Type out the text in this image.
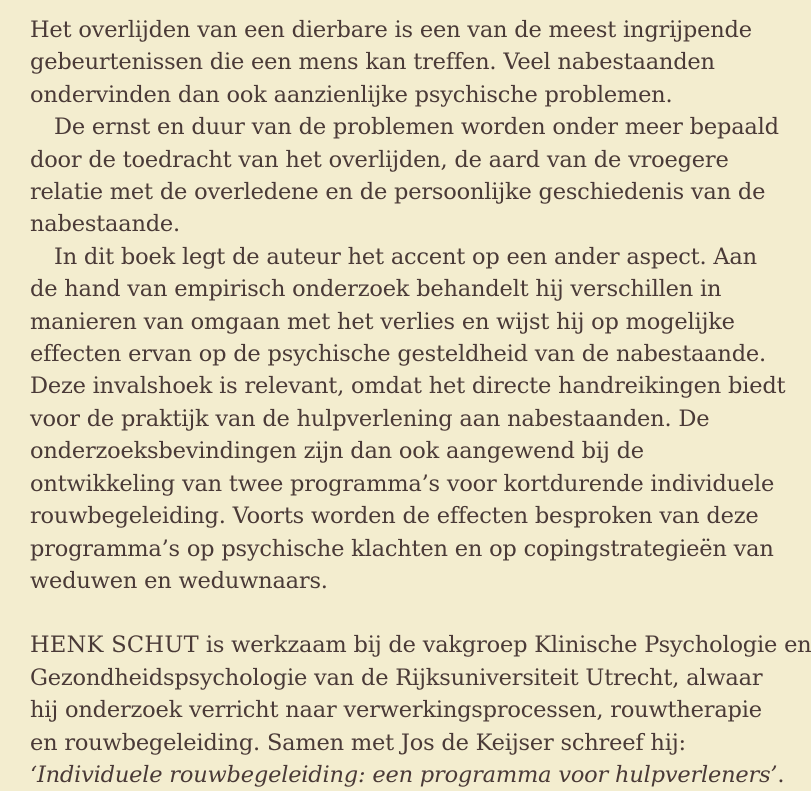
Het overlijden van een dierbare is een van de meest ingrijpende
gebeurtenissen die een mens kan treffen. Veel nabestaanden
ondervinden dan ook aanzienlijke psychische problemen.
De ernst en duur van de problemen worden onder meer bepaald
door de toedracht van het overlijden, de aard van de vroegere
relatie met de overledene en de persoonlijke geschiedenis van de
nabestaande.
In dit boek legt de auteur het accent op een ander aspect. Aan
de hand van empirisch onderzoek behandelt hij verschillen in
manieren van omgaan met het verlies en wijst hij op mogelijke
effecten ervan op de psychische gesteldheid van de nabestaande.
Deze invalshoek is relevant, omdat het directe handreikingen biedt
voor de praktijk van de hulpverlening aan nabestaanden. De
onderzoeksbevindingen zijn dan ook aangewend bij de
ontwikkeling van twee programma’s voor kortdurende individuele
rouwbegeleiding. Voorts worden de effecten besproken van deze
programma’s op psychische klachten en op copingstrategieën van
weduwen en weduwnaars.
HENK SCHUT is werkzaam bij de vakgroep Klinische Psychologie en
Gezondheidspsychologie van de Rijksuniversiteit Utrecht, alwaar
hij onderzoek verricht naar verwerkingsprocessen, rouwtherapie
en rouwbegeleiding. Samen met Jos de Keijser schreef hij:
‘Individuele rouwbegeleiding: een programma voor hulpverleners’.
